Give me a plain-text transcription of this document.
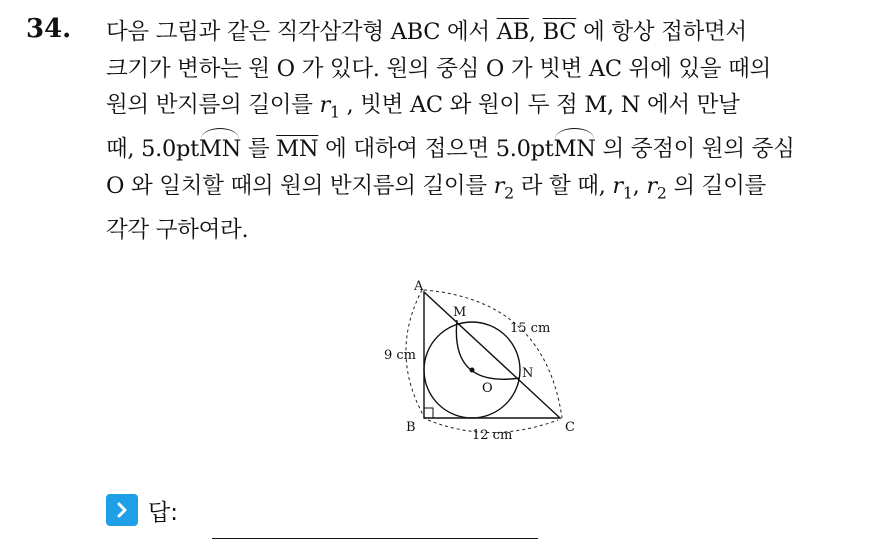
34. 다음 그림과 같은 직각삼각형 ABC 에서 $\overline{AB}$, $\overline{BC}$ 에 항상 접하면서
크기가 변하는 원 O 가 있다. 원의 중심 O 가 빗변 AC 위에 있을 때의
원의 반지름의 길이를 $r_1$ , 빗변 AC 와 원이 두 점 M, N 에서 만날
때, 5.0ptMN 를 $\overline{MN}$ 에 대하여 접으면 5.0ptMN 의 중점이 원의 중심
O 와 일치할 때의 원의 반지름의 길이를 $r_2$ 라 할 때, $r_1$, $r_2$ 의 길이를
각각 구하여라.
A
B	C
M
N
O
9 cm
12 cm
15 cm
답:
